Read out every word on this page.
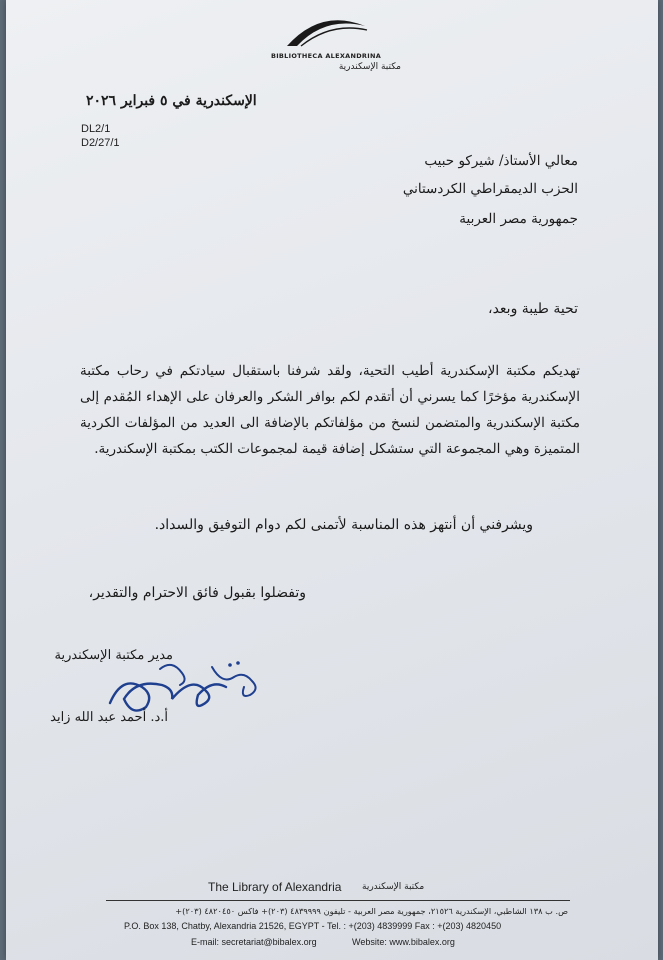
BIBLIOTHECA ALEXANDRINA
مكتبة الإسكندرية
الإسكندرية في ٥ فبراير ٢٠٢٦
DL2/1
D2/27/1
معالي الأستاذ/ شيركو حبيب
الحزب الديمقراطي الكردستاني
جمهورية مصر العربية
تحية طيبة وبعد،
تهديكم مكتبة الإسكندرية أطيب التحية، ولقد شرفنا باستقبال سيادتكم في رحاب مكتبة الإسكندرية مؤخرًا كما يسرني أن أتقدم لكم بوافر الشكر والعرفان على الإهداء المُقدم إلى مكتبة الإسكندرية والمتضمن لنسخ من مؤلفاتكم بالإضافة الى العديد من المؤلفات الكردية المتميزة وهي المجموعة التي ستشكل إضافة قيمة لمجموعات الكتب بمكتبة الإسكندرية.
ويشرفني أن أنتهز هذه المناسبة لأتمنى لكم دوام التوفيق والسداد.
وتفضلوا بقبول فائق الاحترام والتقدير،
مدير مكتبة الإسكندرية
أ.د. أحمد عبد الله زايد
The Library of Alexandria مكتبة الإسكندرية
ص. ب ١٣٨ الشاطبي، الإسكندرية ٢١٥٢٦، جمهورية مصر العربية - تليفون ٤٨٣٩٩٩٩ (٢٠٣)+ فاكس ٤٨٢٠٤٥٠ (٢٠٣)+
P.O. Box 138, Chatby, Alexandria 21526, EGYPT - Tel. : +(203) 4839999 Fax : +(203) 4820450
E-mail: secretariat@bibalex.org	Website: www.bibalex.org
